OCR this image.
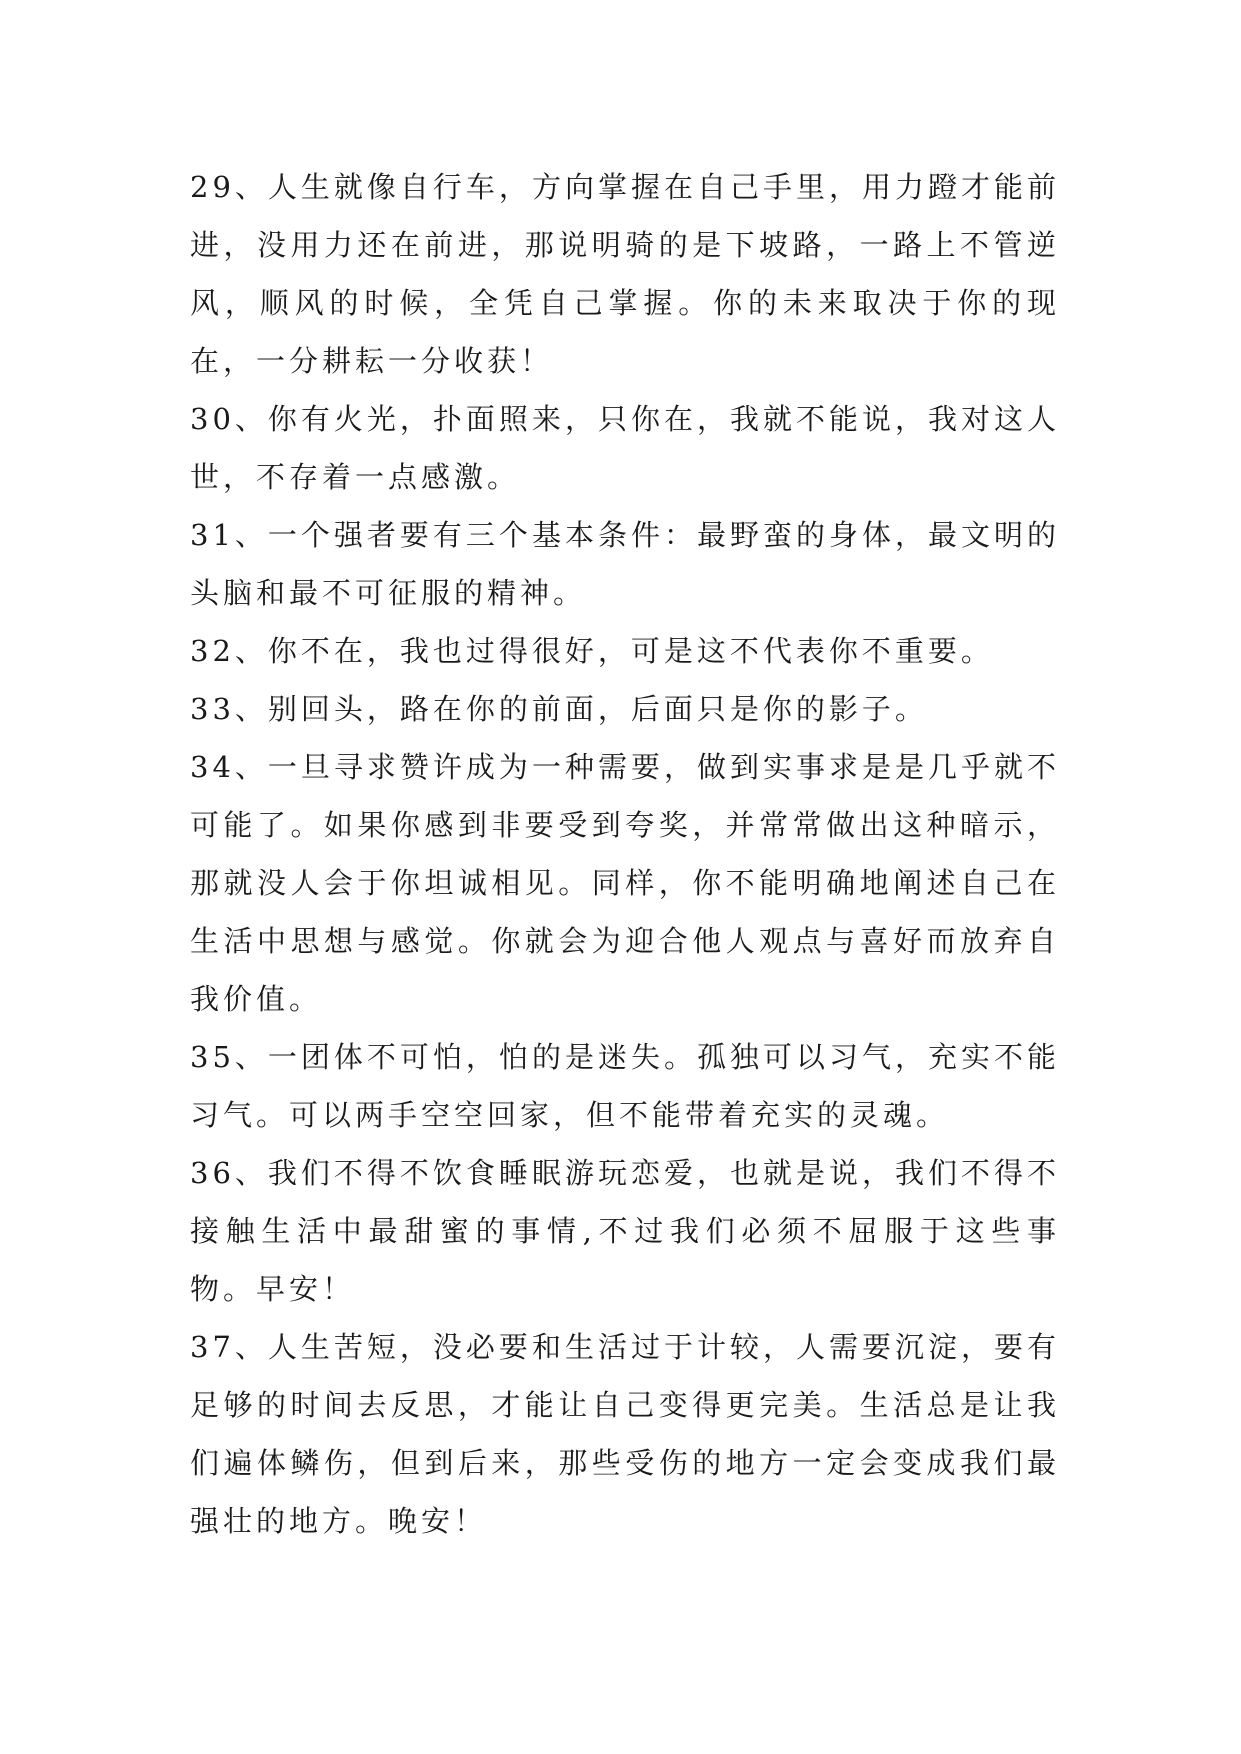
29、人生就像自行车，方向掌握在自己手里，用力蹬才能前进，没用力还在前进，那说明骑的是下坡路，一路上不管逆风，顺风的时候，全凭自己掌握。你的未来取决于你的现在，一分耕耘一分收获！

30、你有火光，扑面照来，只你在，我就不能说，我对这人世，不存着一点感激。

31、一个强者要有三个基本条件：最野蛮的身体，最文明的头脑和最不可征服的精神。

32、你不在，我也过得很好，可是这不代表你不重要。

33、别回头，路在你的前面，后面只是你的影子。

34、一旦寻求赞许成为一种需要，做到实事求是是几乎就不可能了。如果你感到非要受到夸奖，并常常做出这种暗示，那就没人会于你坦诚相见。同样，你不能明确地阐述自己在生活中思想与感觉。你就会为迎合他人观点与喜好而放弃自我价值。

35、一团体不可怕，怕的是迷失。孤独可以习气，充实不能习气。可以两手空空回家，但不能带着充实的灵魂。

36、我们不得不饮食睡眠游玩恋爱，也就是说，我们不得不接触生活中最甜蜜的事情,不过我们必须不屈服于这些事物。早安！

37、人生苦短，没必要和生活过于计较，人需要沉淀，要有足够的时间去反思，才能让自己变得更完美。生活总是让我们遍体鳞伤，但到后来，那些受伤的地方一定会变成我们最强壮的地方。晚安！
